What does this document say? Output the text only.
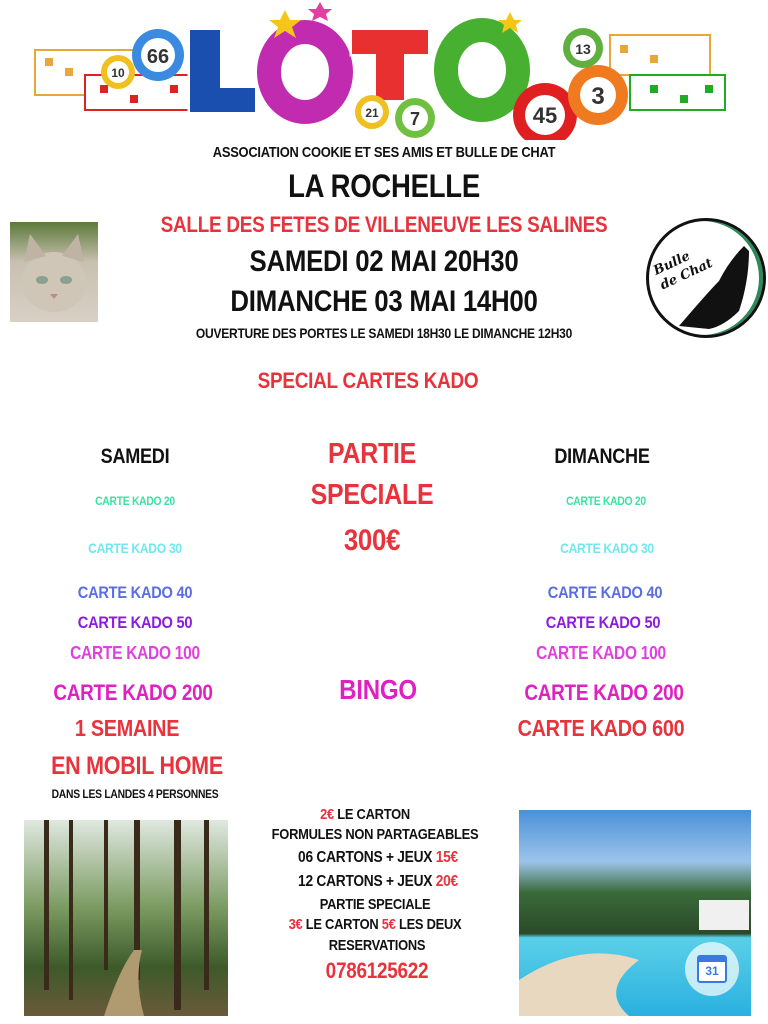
66
10
21 7	45
3
13
ASSOCIATION COOKIE ET SES AMIS ET BULLE DE CHAT
LA ROCHELLE
SALLE DES FETES DE VILLENEUVE LES SALINES
SAMEDI 02 MAI 20H30
DIMANCHE 03 MAI 14H00
OUVERTURE DES PORTES LE SAMEDI 18H30 LE DIMANCHE 12H30
SPECIAL CARTES KADO
Bulle de Chat
SAMEDI
CARTE KADO 20
CARTE KADO 30
CARTE KADO 40
CARTE KADO 50
CARTE KADO 100
CARTE KADO 200
1 SEMAINE
EN MOBIL HOME
DANS LES LANDES 4 PERSONNES
PARTIE
SPECIALE
300€
BINGO
DIMANCHE
CARTE KADO 20
CARTE KADO 30
CARTE KADO 40
CARTE KADO 50
CARTE KADO 100
CARTE KADO 200
CARTE KADO 600
2€ LE CARTON
FORMULES NON PARTAGEABLES
06 CARTONS + JEUX 15€
12 CARTONS + JEUX 20€
PARTIE SPECIALE
3€ LE CARTON 5€ LES DEUX
RESERVATIONS
0786125622	31
